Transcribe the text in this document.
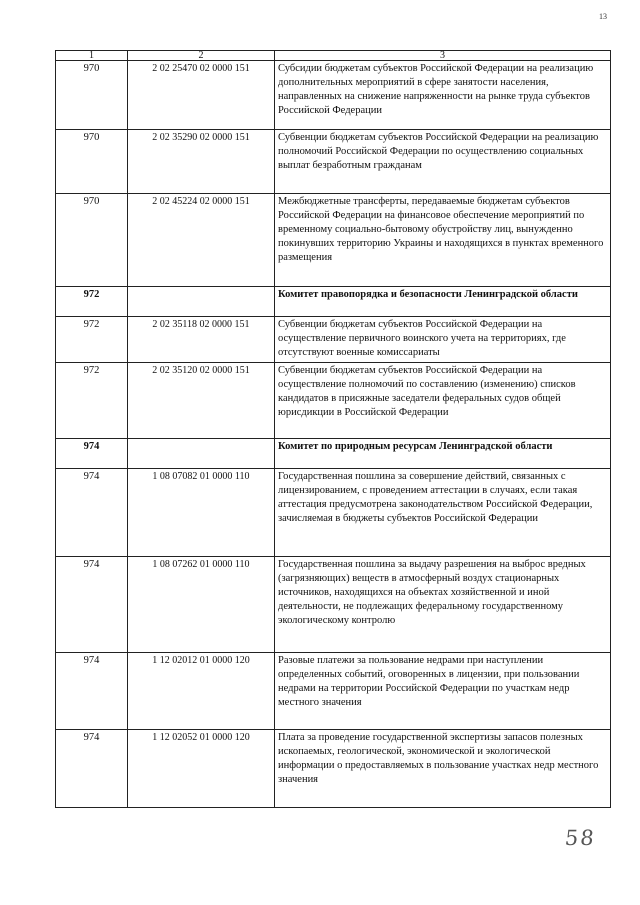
13
1	2	3
970	2 02 25470 02 0000 151	Субсидии бюджетам субъектов Российской Федерации на реализацию дополнительных мероприятий в сфере занятости населения, направленных на снижение напряженности на рынке труда субъектов Российской Федерации
970	2 02 35290 02 0000 151	Субвенции бюджетам субъектов Российской Федерации на реализацию полномочий Российской Федерации по осуществлению социальных выплат безработным гражданам
970	2 02 45224 02 0000 151	Межбюджетные трансферты, передаваемые бюджетам субъектов Российской Федерации на финансовое обеспечение мероприятий по временному социально-бытовому обустройству лиц, вынужденно покинувших территорию Украины и находящихся в пунктах временного размещения
972		Комитет правопорядка и безопасности Ленинградской области
972	2 02 35118 02 0000 151	Субвенции бюджетам субъектов Российской Федерации на осуществление первичного воинского учета на территориях, где отсутствуют военные комиссариаты
972	2 02 35120 02 0000 151	Субвенции бюджетам субъектов Российской Федерации на осуществление полномочий по составлению (изменению) списков кандидатов в присяжные заседатели федеральных судов общей юрисдикции в Российской Федерации
974		Комитет по природным ресурсам Ленинградской области
974	1 08 07082 01 0000 110	Государственная пошлина за совершение действий, связанных с лицензированием, с проведением аттестации в случаях, если такая аттестация предусмотрена законодательством Российской Федерации, зачисляемая в бюджеты субъектов Российской Федерации
974	1 08 07262 01 0000 110	Государственная пошлина за выдачу разрешения на выброс вредных (загрязняющих) веществ в атмосферный воздух стационарных источников, находящихся на объектах хозяйственной и иной деятельности, не подлежащих федеральному государственному экологическому контролю
974	1 12 02012 01 0000 120	Разовые платежи за пользование недрами при наступлении определенных событий, оговоренных в лицензии, при пользовании недрами на территории Российской Федерации по участкам недр местного значения
974	1 12 02052 01 0000 120	Плата за проведение государственной экспертизы запасов полезных ископаемых, геологической, экономической и экологической информации о предоставляемых в пользование участках недр местного значения
58
